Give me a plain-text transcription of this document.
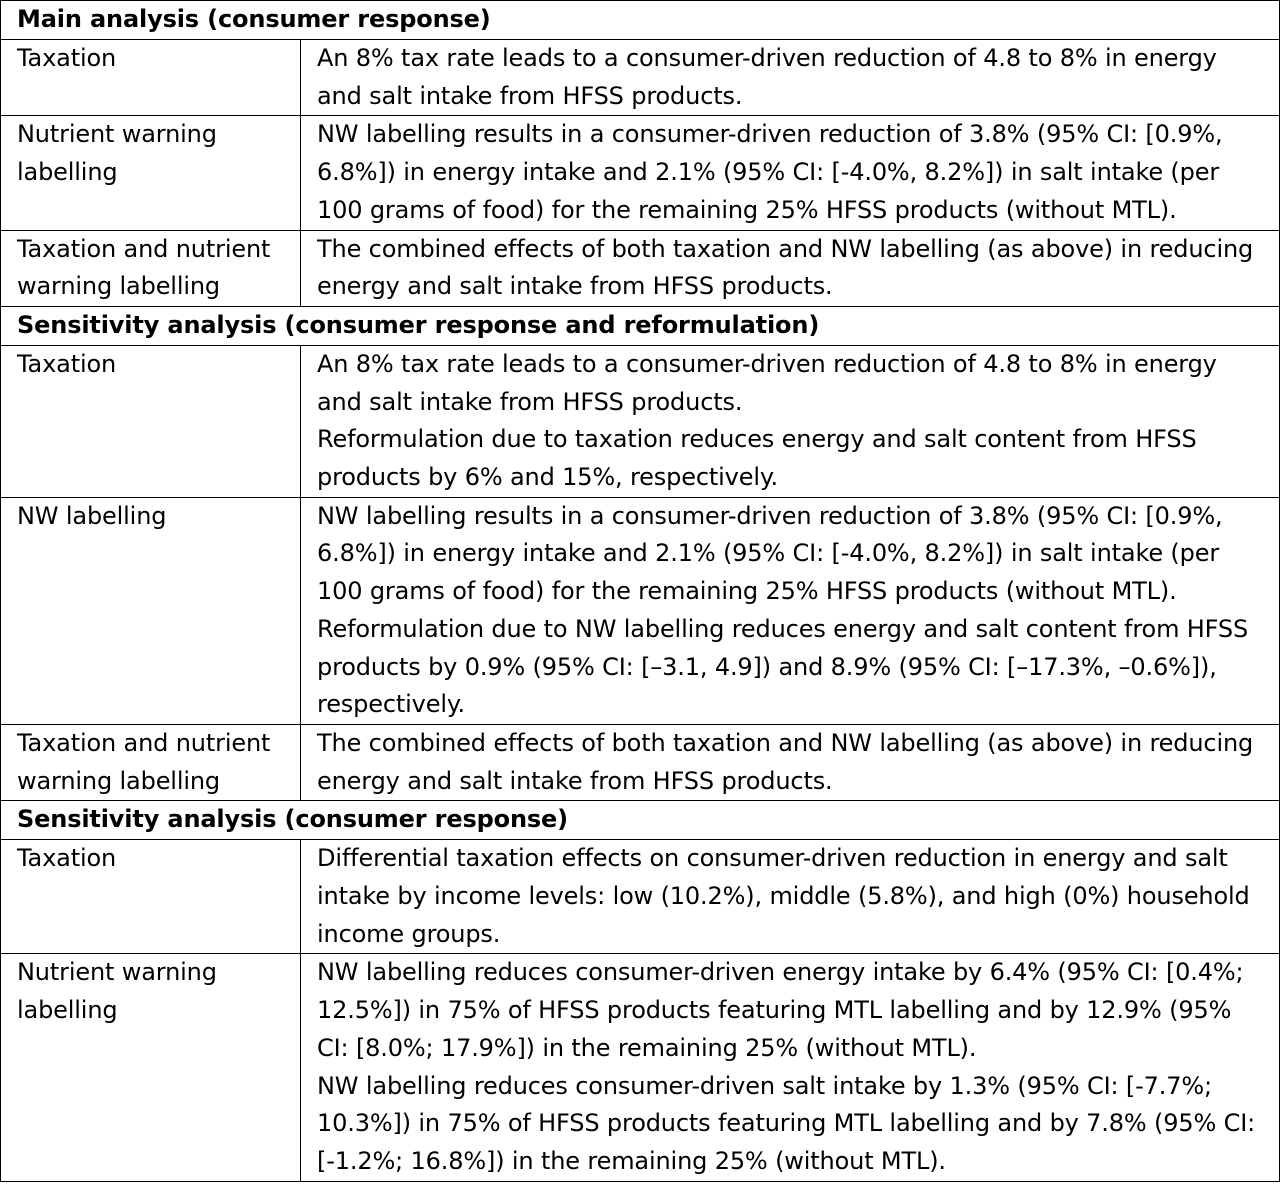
Main analysis (consumer response)	
Taxation	An 8% tax rate leads to a consumer-driven reduction of 4.8 to 8% in energy and salt intake from HFSS products.

Nutrient warning labelling	NW labelling results in a consumer-driven reduction of 3.8% (95% CI: [0.9%, 6.8%]) in energy intake and 2.1% (95% CI: [-4.0%, 8.2%]) in salt intake (per 100 grams of food) for the remaining 25% HFSS products (without MTL).

Taxation and nutrient warning labelling	The combined effects of both taxation and NW labelling (as above) in reducing energy and salt intake from HFSS products.

Sensitivity analysis (consumer response and reformulation)	
Taxation	An 8% tax rate leads to a consumer-driven reduction of 4.8 to 8% in energy and salt intake from HFSS products.
Reformulation due to taxation reduces energy and salt content from HFSS products by 6% and 15%, respectively.

NW labelling	NW labelling results in a consumer-driven reduction of 3.8% (95% CI: [0.9%, 6.8%]) in energy intake and 2.1% (95% CI: [-4.0%, 8.2%]) in salt intake (per 100 grams of food) for the remaining 25% HFSS products (without MTL).
Reformulation due to NW labelling reduces energy and salt content from HFSS products by 0.9% (95% CI: [–3.1, 4.9]) and 8.9% (95% CI: [–17.3%, –0.6%]), respectively.

Taxation and nutrient warning labelling	The combined effects of both taxation and NW labelling (as above) in reducing energy and salt intake from HFSS products.

Sensitivity analysis (consumer response)	
Taxation	Differential taxation effects on consumer-driven reduction in energy and salt intake by income levels: low (10.2%), middle (5.8%), and high (0%) household income groups.

Nutrient warning labelling	NW labelling reduces consumer-driven energy intake by 6.4% (95% CI: [0.4%; 12.5%]) in 75% of HFSS products featuring MTL labelling and by 12.9% (95% CI: [8.0%; 17.9%]) in the remaining 25% (without MTL).
NW labelling reduces consumer-driven salt intake by 1.3% (95% CI: [-7.7%; 10.3%]) in 75% of HFSS products featuring MTL labelling and by 7.8% (95% CI: [-1.2%; 16.8%]) in the remaining 25% (without MTL).
